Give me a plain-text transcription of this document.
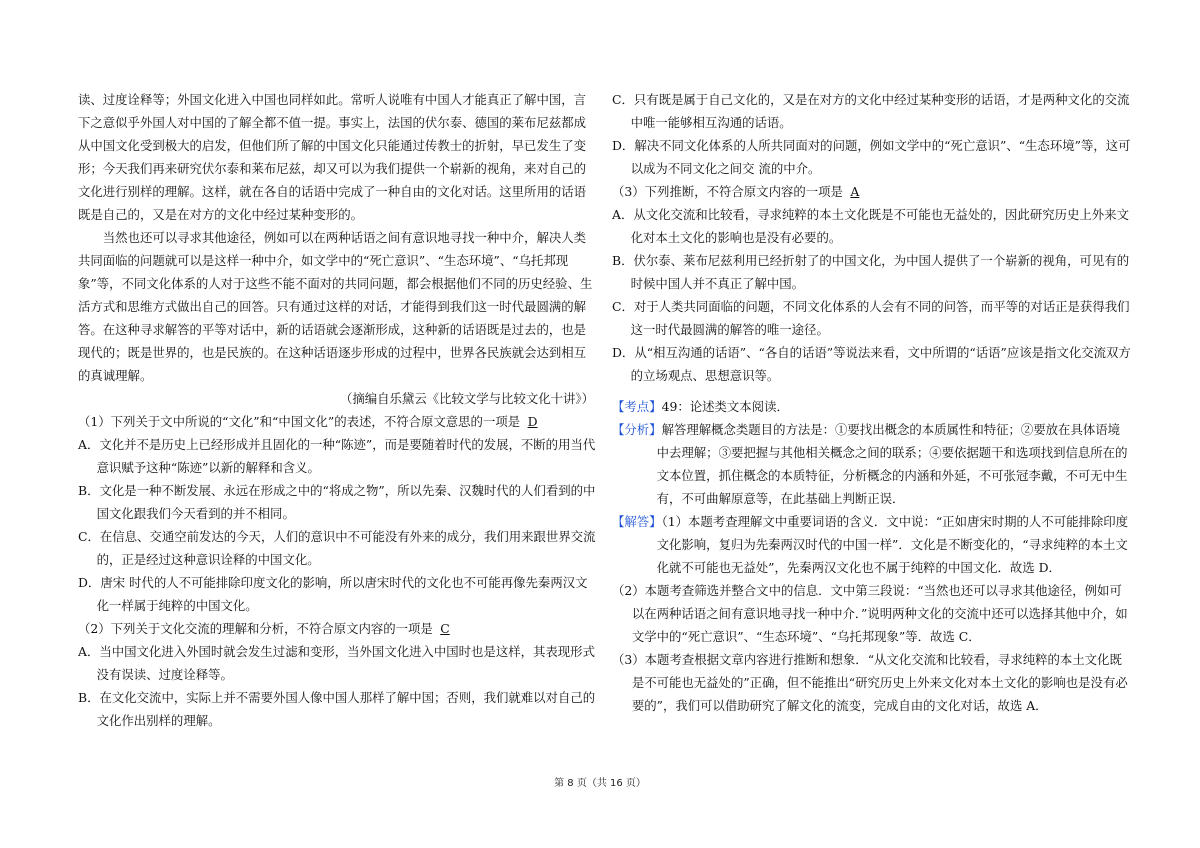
读、过度诠释等；外国文化进入中国也同样如此。常听人说唯有中国人才能真正了解中国，言下之意似乎外国人对中国的了解全都不值一提。事实上，法国的伏尔泰、德国的莱布尼兹都成从中国文化受到极大的启发，但他们所了解的中国文化只能通过传教士的折射，早已发生了变形；今天我们再来研究伏尔泰和莱布尼兹，却又可以为我们提供一个崭新的视角，来对自己的文化进行别样的理解。这样，就在各自的话语中完成了一种自由的文化对话。这里所用的话语既是自己的，又是在对方的文化中经过某种变形的。

当然也还可以寻求其他途径，例如可以在两种话语之间有意识地寻找一种中介，解决人类共同面临的问题就可以是这样一种中介，如文学中的“死亡意识”、“生态环境”、“乌托邦现象”等，不同文化体系的人对于这些不能不面对的共同问题，都会根据他们不同的历史经验、生活方式和思维方式做出自己的回答。只有通过这样的对话，才能得到我们这一时代最圆满的解答。在这种寻求解答的平等对话中，新的话语就会逐渐形成，这种新的话语既是过去的，也是现代的；既是世界的，也是民族的。在这种话语逐步形成的过程中，世界各民族就会达到相互的真诚理解。

（摘编自乐黛云《比较文学与比较文化十讲》）

（1）下列关于文中所说的“文化”和“中国文化”的表述，不符合原文意思的一项是 D

A．文化并不是历史上已经形成并且固化的一种“陈迹”，而是要随着时代的发展，不断的用当代意识赋予这种“陈迹”以新的解释和含义。

B．文化是一种不断发展、永远在形成之中的“将成之物”，所以先秦、汉魏时代的人们看到的中国文化跟我们今天看到的并不相同。

C．在信息、交通空前发达的今天，人们的意识中不可能没有外来的成分，我们用来跟世界交流的，正是经过这种意识诠释的中国文化。

D．唐宋 时代的人不可能排除印度文化的影响，所以唐宋时代的文化也不可能再像先秦两汉文化一样属于纯粹的中国文化。

（2）下列关于文化交流的理解和分析，不符合原文内容的一项是 C

A．当中国文化进入外国时就会发生过滤和变形，当外国文化进入中国时也是这样，其表现形式没有误读、过度诠释等。

B．在文化交流中，实际上并不需要外国人像中国人那样了解中国；否则，我们就难以对自己的文化作出别样的理解。

C．只有既是属于自己文化的，又是在对方的文化中经过某种变形的话语，才是两种文化的交流中唯一能够相互沟通的话语。

D．解决不同文化体系的人所共同面对的问题，例如文学中的“死亡意识”、“生态环境”等，这可以成为不同文化之间交 流的中介。

（3）下列推断，不符合原文内容的一项是 A

A．从文化交流和比较看，寻求纯粹的本土文化既是不可能也无益处的，因此研究历史上外来文化对本土文化的影响也是没有必要的。

B．伏尔泰、莱布尼兹利用已经折射了的中国文化，为中国人提供了一个崭新的视角，可见有的时候中国人并不真正了解中国。

C．对于人类共同面临的问题，不同文化体系的人会有不同的问答，而平等的对话正是获得我们这一时代最圆满的解答的唯一途径。

D．从“相互沟通的话语”、“各自的话语”等说法来看，文中所谓的“话语”应该是指文化交流双方的立场观点、思想意识等。

【考点】49：论述类文本阅读．

【分析】解答理解概念类题目的方法是：①要找出概念的本质属性和特征；②要放在具体语境中去理解；③要把握与其他相关概念之间的联系；④要依据题干和选项找到信息所在的文本位置，抓住概念的本质特征，分析概念的内涵和外延，不可张冠李戴，不可无中生有，不可曲解原意等，在此基础上判断正误．

【解答】（1）本题考查理解文中重要词语的含义．文中说：“正如唐宋时期的人不可能排除印度文化影响，复归为先秦两汉时代的中国一样”．文化是不断变化的，“寻求纯粹的本土文化就不可能也无益处”，先秦两汉文化也不属于纯粹的中国文化．故选 D．

（2）本题考查筛选并整合文中的信息．文中第三段说：“当然也还可以寻求其他途径，例如可以在两种话语之间有意识地寻找一种中介．”说明两种文化的交流中还可以选择其他中介，如文学中的“死亡意识”、“生态环境”、“乌托邦现象”等．故选 C．

（3）本题考查根据文章内容进行推断和想象．“从文化交流和比较看，寻求纯粹的本土文化既是不可能也无益处的”正确，但不能推出“研究历史上外来文化对本土文化的影响也是没有必要的”，我们可以借助研究了解文化的流变，完成自由的文化对话，故选 A．

第 8 页（共 16 页）
